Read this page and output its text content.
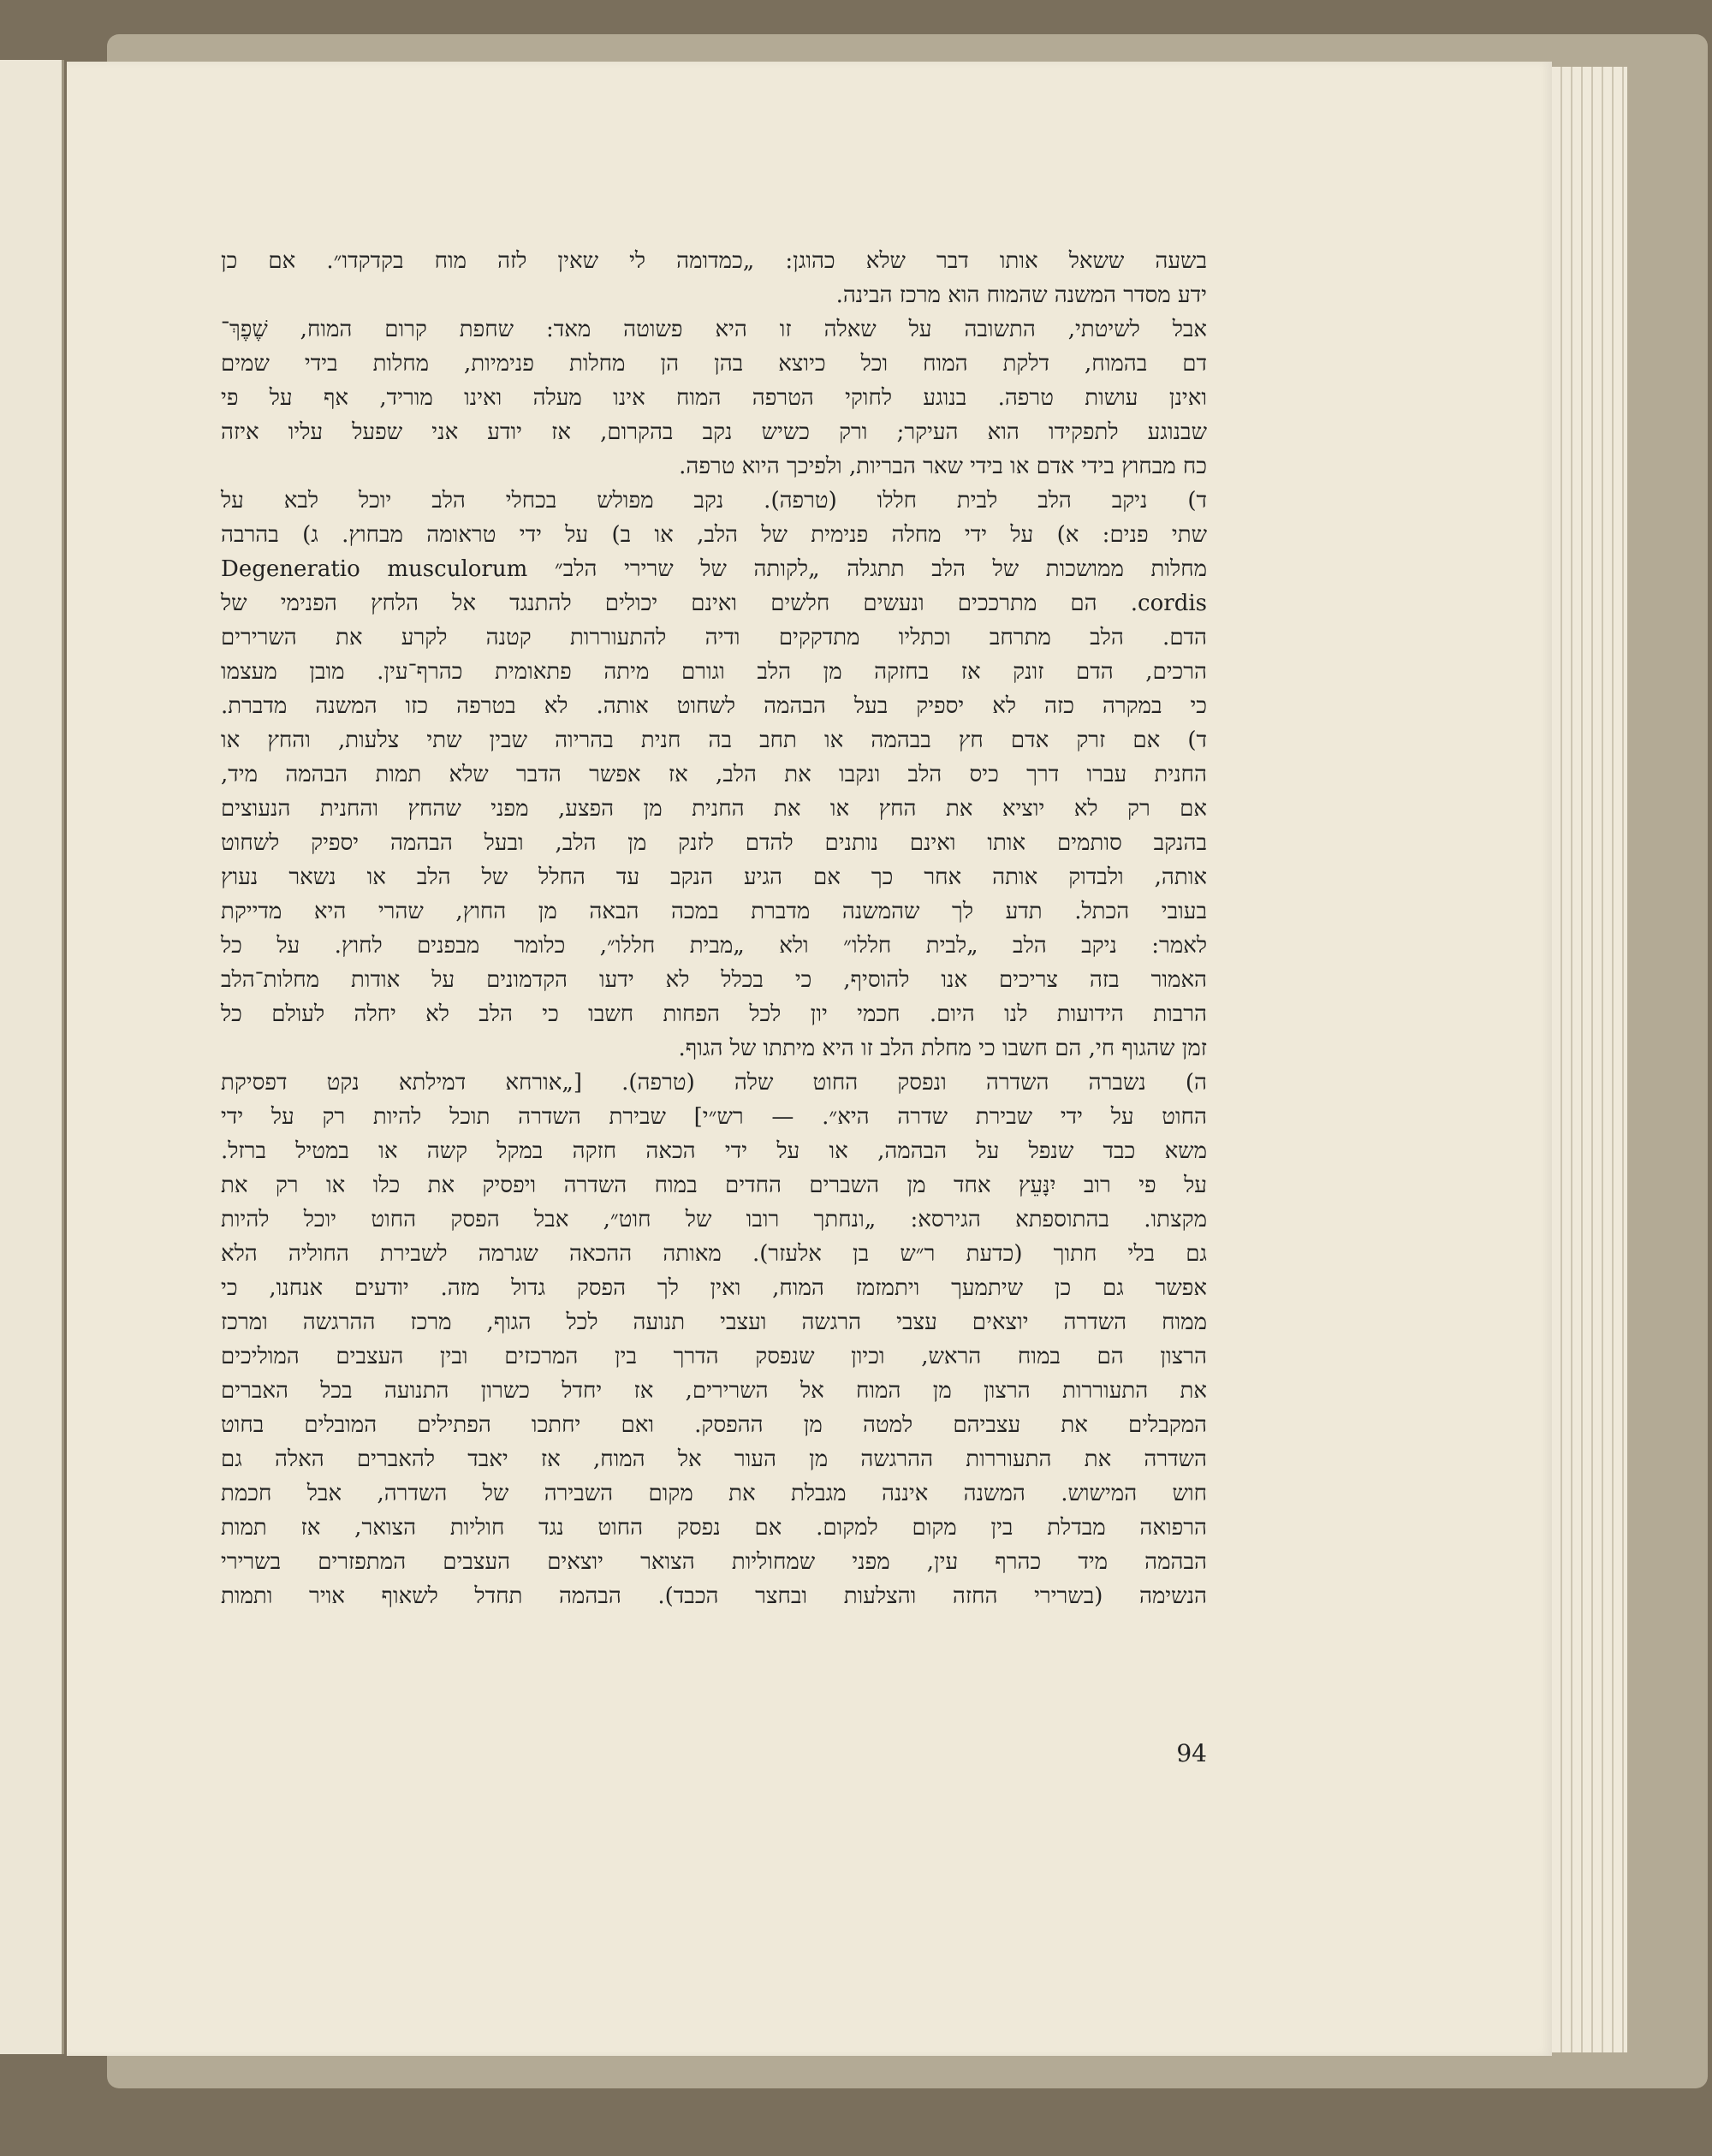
בשעה ששאל אותו דבר שלא כהוגן: „כמדומה לי שאין לזה מוח בקדקדו״. אם כן

ידע מסדר המשנה שהמוח הוא מרכז הבינה.

אבל לשיטתי, התשובה על שאלה זו היא פשוטה מאד: שחפת קרום המוח, שֶׁפֶךְ־

דם בהמוח, דלקת המוח וכל כיוצא בהן הן מחלות פנימיות, מחלות בידי שמים

ואינן עושות טרפה. בנוגע לחוקי הטרפה המוח אינו מעלה ואינו מוריד, אף על פי

שבנוגע לתפקידו הוא העיקר; ורק כשיש נקב בהקרום, אז יודע אני שפעל עליו איזה

כח מבחוץ בידי אדם או בידי שאר הבריות, ולפיכך היוא טרפה.

ד) ניקב הלב לבית חללו (טרפה). נקב מפולש בכחלי הלב יוכל לבא על

שתי פנים: א) על ידי מחלה פנימית של הלב, או ב) על ידי טראומה מבחוץ. ג) בהרבה

מחלות ממושכות של הלב תתגלה „לקותה של שרירי הלב״ Degeneratio musculorum

cordis. הם מתרככים ונעשים חלשים ואינם יכולים להתנגד אל הלחץ הפנימי של

הדם. הלב מתרחב וכתליו מתדקקים ודיה להתעוררות קטנה לקרע את השרירים

הרכים, הדם זונק אז בחזקה מן הלב וגורם מיתה פתאומית כהרף־עין. מובן מעצמו

כי במקרה כזה לא יספיק בעל הבהמה לשחוט אותה. לא בטרפה כזו המשנה מדברת.

ד) אם זרק אדם חץ בבהמה או תחב בה חנית בהריוה שבין שתי צלעות, והחץ או

החנית עברו דרך כיס הלב ונקבו את הלב, אז אפשר הדבר שלא תמות הבהמה מיד,

אם רק לא יוציא את החץ או את החנית מן הפצע, מפני שהחץ והחנית הנעוצים

בהנקב סותמים אותו ואינם נותנים להדם לזנק מן הלב, ובעל הבהמה יספיק לשחוט

אותה, ולבדוק אותה אחר כך אם הגיע הנקב עד החלל של הלב או נשאר נעוץ

בעובי הכתל. תדע לך שהמשנה מדברת במכה הבאה מן החוץ, שהרי היא מדייקת

לאמר: ניקב הלב „לבית חללו״ ולא „מבית חללו״, כלומר מבפנים לחוץ. על כל

האמור בזה צריכים אנו להוסיף, כי בכלל לא ידעו הקדמונים על אודות מחלות־הלב

הרבות הידועות לנו היום. חכמי יון לכל הפחות חשבו כי הלב לא יחלה לעולם כל

זמן שהגוף חי, הם חשבו כי מחלת הלב זו היא מיתתו של הגוף.

ה) נשברה השדרה ונפסק החוט שלה (טרפה). [„אורחא דמילתא נקט דפסיקת

החוט על ידי שבירת שדרה היא״. — רש״י] שבירת השדרה תוכל להיות רק על ידי

משא כבד שנפל על הבהמה, או על ידי הכאה חזקה במקל קשה או במטיל ברזל.

על פי רוב יִנָּעֵץ אחד מן השברים החדים במוח השדרה ויפסיק את כלו או רק את

מקצתו. בהתוספתא הגירסא: „ונחתך רובו של חוט״, אבל הפסק החוט יוכל להיות

גם בלי חתוך (כדעת ר״ש בן אלעזר). מאותה ההכאה שגרמה לשבירת החוליה הלא

אפשר גם כן שיתמעך ויתמזמז המוח, ואין לך הפסק גדול מזה. יודעים אנחנו, כי

ממוח השדרה יוצאים עצבי הרגשה ועצבי תנועה לכל הגוף, מרכז ההרגשה ומרכז

הרצון הם במוח הראש, וכיון שנפסק הדרך בין המרכזים ובין העצבים המוליכים

את התעוררות הרצון מן המוח אל השרירים, אז יחדל כשרון התנועה בכל האברים

המקבלים את עצביהם למטה מן ההפסק. ואם יחתכו הפתילים המובלים בחוט

השדרה את התעוררות ההרגשה מן העור אל המוח, אז יאבד להאברים האלה גם

חוש המישוש. המשנה איננה מגבלת את מקום השבירה של השדרה, אבל חכמת

הרפואה מבדלת בין מקום למקום. אם נפסק החוט נגד חוליות הצואר, אז תמות

הבהמה מיד כהרף עין, מפני שמחוליות הצואר יוצאים העצבים המתפזרים בשרירי

הנשימה (בשרירי החזה והצלעות ובחצר הכבד). הבהמה תחדל לשאוף אויר ותמות

94
